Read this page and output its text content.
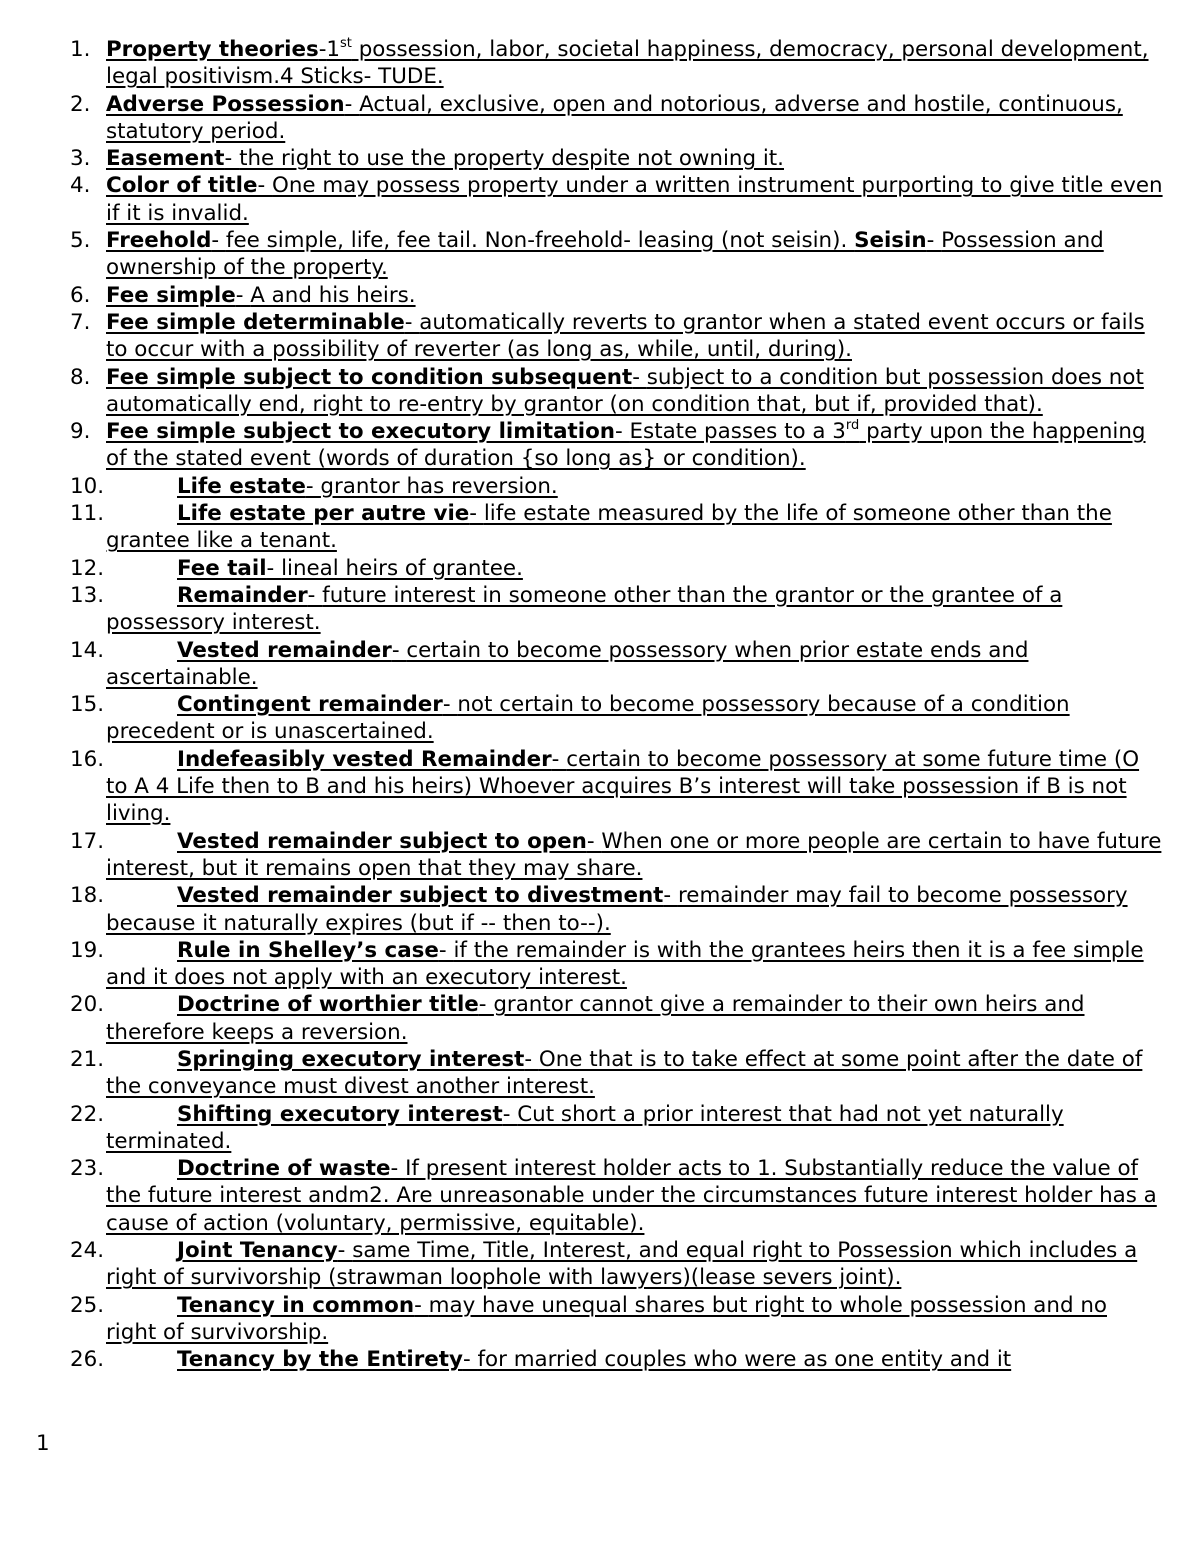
1. Property theories-1st possession, labor, societal happiness, democracy, personal development, legal positivism.4 Sticks- TUDE.
2. Adverse Possession- Actual, exclusive, open and notorious, adverse and hostile, continuous, statutory period.
3. Easement- the right to use the property despite not owning it.
4. Color of title- One may possess property under a written instrument purporting to give title even if it is invalid.
5. Freehold- fee simple, life, fee tail. Non-freehold- leasing (not seisin). Seisin- Possession and ownership of the property.
6. Fee simple- A and his heirs.
7. Fee simple determinable- automatically reverts to grantor when a stated event occurs or fails to occur with a possibility of reverter (as long as, while, until, during).
8. Fee simple subject to condition subsequent- subject to a condition but possession does not automatically end, right to re-entry by grantor (on condition that, but if, provided that).
9. Fee simple subject to executory limitation- Estate passes to a 3rd party upon the happening of the stated event (words of duration {so long as} or condition).
10.	Life estate- grantor has reversion.
11.	Life estate per autre vie- life estate measured by the life of someone other than the grantee like a tenant.
12.	Fee tail- lineal heirs of grantee.
13.	Remainder- future interest in someone other than the grantor or the grantee of a possessory interest.
14.	Vested remainder- certain to become possessory when prior estate ends and ascertainable.
15.	Contingent remainder- not certain to become possessory because of a condition precedent or is unascertained.
16.	Indefeasibly vested Remainder- certain to become possessory at some future time (O to A 4 Life then to B and his heirs) Whoever acquires B’s interest will take possession if B is not living.
17.	Vested remainder subject to open- When one or more people are certain to have future interest, but it remains open that they may share.
18.	Vested remainder subject to divestment- remainder may fail to become possessory because it naturally expires (but if -- then to--).
19.	Rule in Shelley’s case- if the remainder is with the grantees heirs then it is a fee simple and it does not apply with an executory interest.
20.	Doctrine of worthier title- grantor cannot give a remainder to their own heirs and therefore keeps a reversion.
21.	Springing executory interest- One that is to take effect at some point after the date of the conveyance must divest another interest.
22.	Shifting executory interest- Cut short a prior interest that had not yet naturally terminated.
23.	Doctrine of waste- If present interest holder acts to 1. Substantially reduce the value of the future interest andm2. Are unreasonable under the circumstances future interest holder has a cause of action (voluntary, permissive, equitable).
24.	Joint Tenancy- same Time, Title, Interest, and equal right to Possession which includes a right of survivorship (strawman loophole with lawyers)(lease severs joint).
25.	Tenancy in common- may have unequal shares but right to whole possession and no right of survivorship.
26.	Tenancy by the Entirety- for married couples who were as one entity and it
1
